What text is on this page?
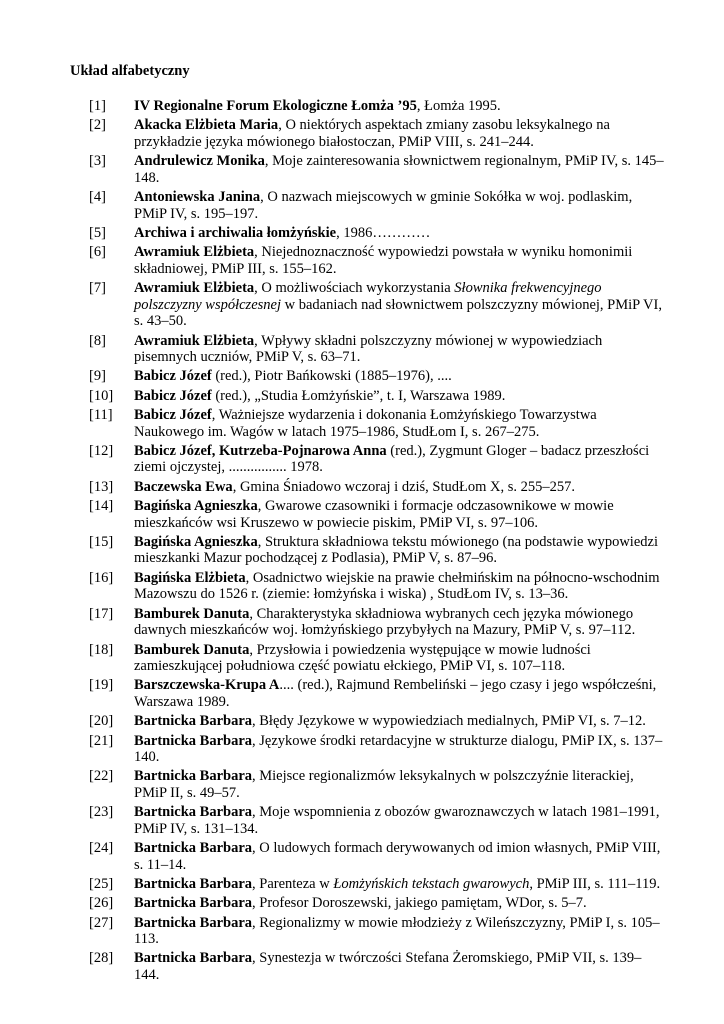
Układ alfabetyczny
[1]	IV Regionalne Forum Ekologiczne Łomża ’95, Łomża 1995.
[2]	Akacka Elżbieta Maria, O niektórych aspektach zmiany zasobu leksykalnego na przykładzie języka mówionego białostoczan, PMiP VIII, s. 241–244.
[3]	Andrulewicz Monika, Moje zainteresowania słownictwem regionalnym, PMiP IV, s. 145–148.
[4]	Antoniewska Janina, O nazwach miejscowych w gminie Sokółka w woj. podlaskim, PMiP IV, s. 195–197.
[5]	Archiwa i archiwalia łomżyńskie, 1986…………
[6]	Awramiuk Elżbieta, Niejednoznaczność wypowiedzi powstała w wyniku homonimii składniowej, PMiP III, s. 155–162.
[7]	Awramiuk Elżbieta, O możliwościach wykorzystania Słownika frekwencyjnego polszczyzny współczesnej w badaniach nad słownictwem polszczyzny mówionej, PMiP VI, s. 43–50.
[8]	Awramiuk Elżbieta, Wpływy składni polszczyzny mówionej w wypowiedziach pisemnych uczniów, PMiP V, s. 63–71.
[9]	Babicz Józef (red.), Piotr Bańkowski (1885–1976), ....
[10]	Babicz Józef (red.), „Studia Łomżyńskie”, t. I, Warszawa 1989.
[11]	Babicz Józef, Ważniejsze wydarzenia i dokonania Łomżyńskiego Towarzystwa Naukowego im. Wagów w latach 1975–1986, StudŁom I, s. 267–275.
[12]	Babicz Józef, Kutrzeba-Pojnarowa Anna (red.), Zygmunt Gloger – badacz przeszłości ziemi ojczystej, ................ 1978.
[13]	Baczewska Ewa, Gmina Śniadowo wczoraj i dziś, StudŁom X, s. 255–257.
[14]	Bagińska Agnieszka, Gwarowe czasowniki i formacje odczasownikowe w mowie mieszkańców wsi Kruszewo w powiecie piskim, PMiP VI, s. 97–106.
[15]	Bagińska Agnieszka, Struktura składniowa tekstu mówionego (na podstawie wypowiedzi mieszkanki Mazur pochodzącej z Podlasia), PMiP V, s. 87–96.
[16]	Bagińska Elżbieta, Osadnictwo wiejskie na prawie chełmińskim na północno-wschodnim Mazowszu do 1526 r. (ziemie: łomżyńska i wiska) , StudŁom IV, s. 13–36.
[17]	Bamburek Danuta, Charakterystyka składniowa wybranych cech języka mówionego dawnych mieszkańców woj. łomżyńskiego przybyłych na Mazury, PMiP V, s. 97–112.
[18]	Bamburek Danuta, Przysłowia i powiedzenia występujące w mowie ludności zamieszkującej południowa część powiatu ełckiego, PMiP VI, s. 107–118.
[19]	Barszczewska-Krupa A.... (red.), Rajmund Rembeliński – jego czasy i jego współcześni, Warszawa 1989.
[20]	Bartnicka Barbara, Błędy Językowe w wypowiedziach medialnych, PMiP VI, s. 7–12.
[21]	Bartnicka Barbara, Językowe środki retardacyjne w strukturze dialogu, PMiP IX, s. 137–140.
[22]	Bartnicka Barbara, Miejsce regionalizmów leksykalnych w polszczyźnie literackiej, PMiP II, s. 49–57.
[23]	Bartnicka Barbara, Moje wspomnienia z obozów gwaroznawczych w latach 1981–1991, PMiP IV, s. 131–134.
[24]	Bartnicka Barbara, O ludowych formach derywowanych od imion własnych, PMiP VIII, s. 11–14.
[25]	Bartnicka Barbara, Parenteza w Łomżyńskich tekstach gwarowych, PMiP III, s. 111–119.
[26]	Bartnicka Barbara, Profesor Doroszewski, jakiego pamiętam, WDor, s. 5–7.
[27]	Bartnicka Barbara, Regionalizmy w mowie młodzieży z Wileńszczyzny, PMiP I, s. 105–113.
[28]	Bartnicka Barbara, Synestezja w twórczości Stefana Żeromskiego, PMiP VII, s. 139–144.
